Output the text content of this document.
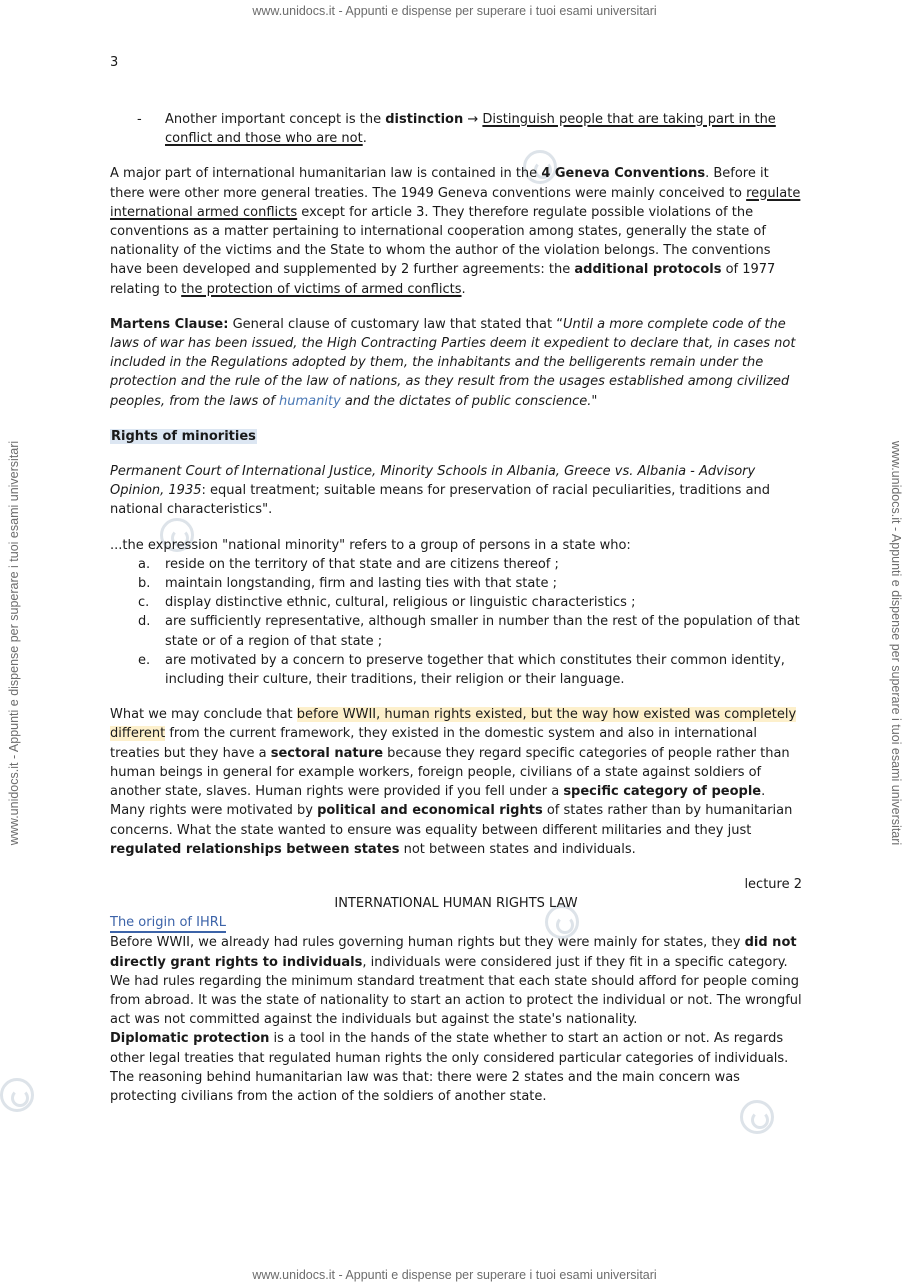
www.unidocs.it - Appunti e dispense per superare i tuoi esami universitari
www.unidocs.it - Appunti e dispense per superare i tuoi esami universitari
www.unidocs.it - Appunti e dispense per superare i tuoi esami universitari	www.unidocs.it - Appunti e dispense per superare i tuoi esami universitari
3
-	Another important concept is the distinction → Distinguish people that are taking part in the conflict and those who are not.

A major part of international humanitarian law is contained in the 4 Geneva Conventions. Before it there were other more general treaties. The 1949 Geneva conventions were mainly conceived to regulate international armed conflicts except for article 3. They therefore regulate possible violations of the conventions as a matter pertaining to international cooperation among states, generally the state of nationality of the victims and the State to whom the author of the violation belongs. The conventions have been developed and supplemented by 2 further agreements: the additional protocols of 1977 relating to the protection of victims of armed conflicts.

Martens Clause: General clause of customary law that stated that “Until a more complete code of the laws of war has been issued, the High Contracting Parties deem it expedient to declare that, in cases not included in the Regulations adopted by them, the inhabitants and the belligerents remain under the protection and the rule of the law of nations, as they result from the usages established among civilized peoples, from the laws of humanity and the dictates of public conscience."

Rights of minorities

Permanent Court of International Justice, Minority Schools in Albania, Greece vs. Albania - Advisory Opinion, 1935: equal treatment; suitable means for preservation of racial peculiarities, traditions and national characteristics".

...the expression "national minority" refers to a group of persons in a state who:

a.	reside on the territory of that state and are citizens thereof ;
b.	maintain longstanding, firm and lasting ties with that state ;
c.	display distinctive ethnic, cultural, religious or linguistic characteristics ;
d.	are sufficiently representative, although smaller in number than the rest of the population of that state or of a region of that state ;
e.	are motivated by a concern to preserve together that which constitutes their common identity, including their culture, their traditions, their religion or their language.

What we may conclude that before WWII, human rights existed, but the way how existed was completely different from the current framework, they existed in the domestic system and also in international treaties but they have a sectoral nature because they regard specific categories of people rather than human beings in general for example workers, foreign people, civilians of a state against soldiers of another state, slaves. Human rights were provided if you fell under a specific category of people. Many rights were motivated by political and economical rights of states rather than by humanitarian concerns. What the state wanted to ensure was equality between different militaries and they just regulated relationships between states not between states and individuals.

lecture 2

INTERNATIONAL HUMAN RIGHTS LAW

The origin of IHRL

Before WWII, we already had rules governing human rights but they were mainly for states, they did not directly grant rights to individuals, individuals were considered just if they fit in a specific category. We had rules regarding the minimum standard treatment that each state should afford for people coming from abroad. It was the state of nationality to start an action to protect the individual or not. The wrongful act was not committed against the individuals but against the state's nationality.

Diplomatic protection is a tool in the hands of the state whether to start an action or not. As regards other legal treaties that regulated human rights the only considered particular categories of individuals. The reasoning behind humanitarian law was that: there were 2 states and the main concern was protecting civilians from the action of the soldiers of another state.
